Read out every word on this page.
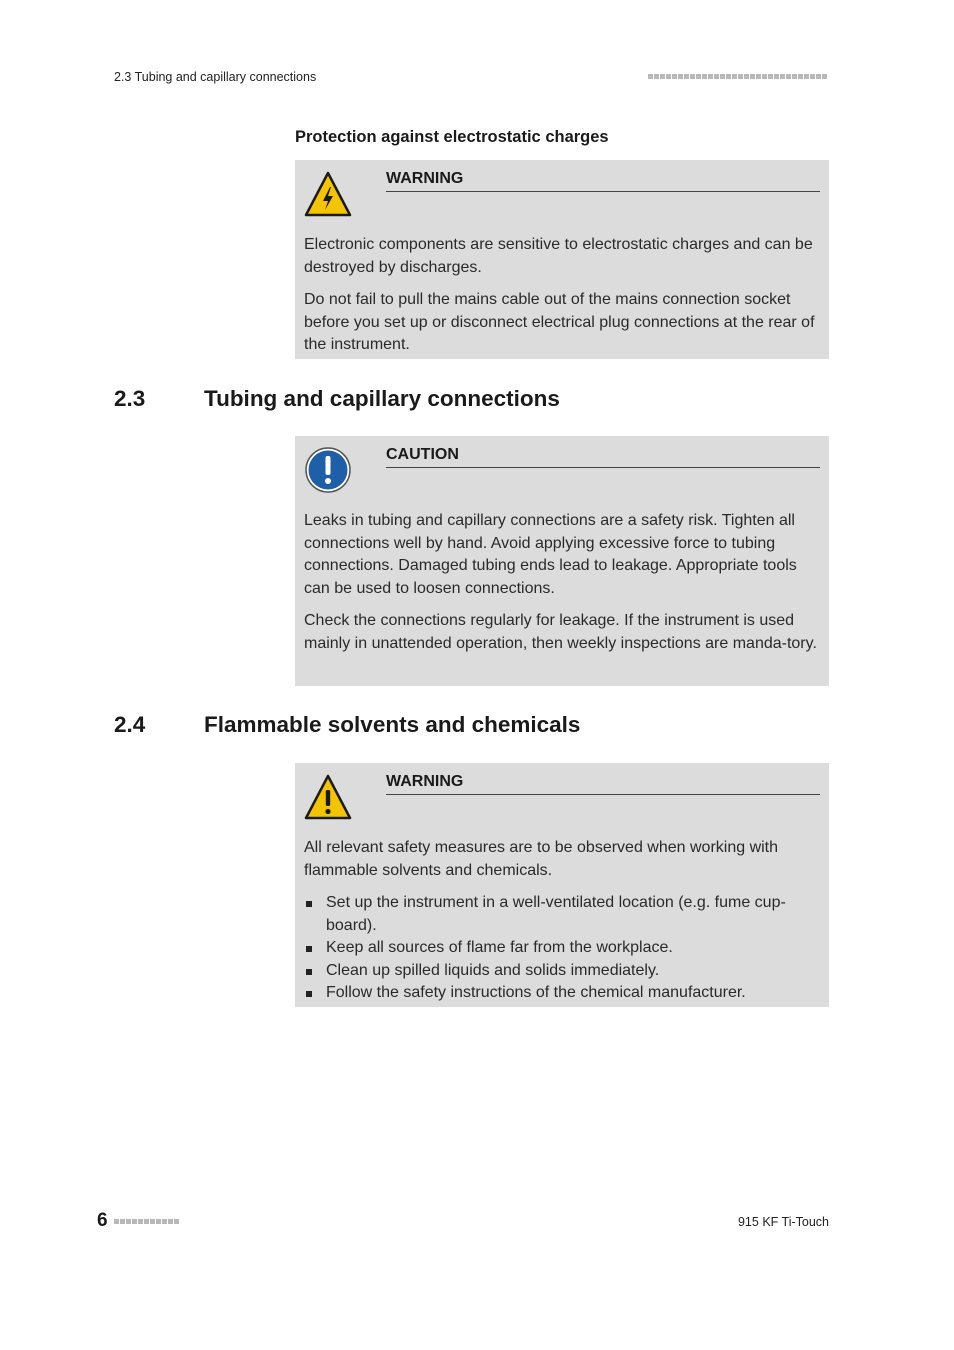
2.3 Tubing and capillary connections
Protection against electrostatic charges
WARNING

Electronic components are sensitive to electrostatic charges and can be destroyed by discharges.

Do not fail to pull the mains cable out of the mains connection socket before you set up or disconnect electrical plug connections at the rear of the instrument.

2.3	Tubing and capillary connections
CAUTION

Leaks in tubing and capillary connections are a safety risk. Tighten all connections well by hand. Avoid applying excessive force to tubing connections. Damaged tubing ends lead to leakage. Appropriate tools can be used to loosen connections.

Check the connections regularly for leakage. If the instrument is used mainly in unattended operation, then weekly inspections are manda-tory.

2.4	Flammable solvents and chemicals
WARNING

All relevant safety measures are to be observed when working with flammable solvents and chemicals.

Set up the instrument in a well-ventilated location (e.g. fume cup-board).
Keep all sources of flame far from the workplace.
Clean up spilled liquids and solids immediately.
Follow the safety instructions of the chemical manufacturer.
6	915 KF Ti-Touch
